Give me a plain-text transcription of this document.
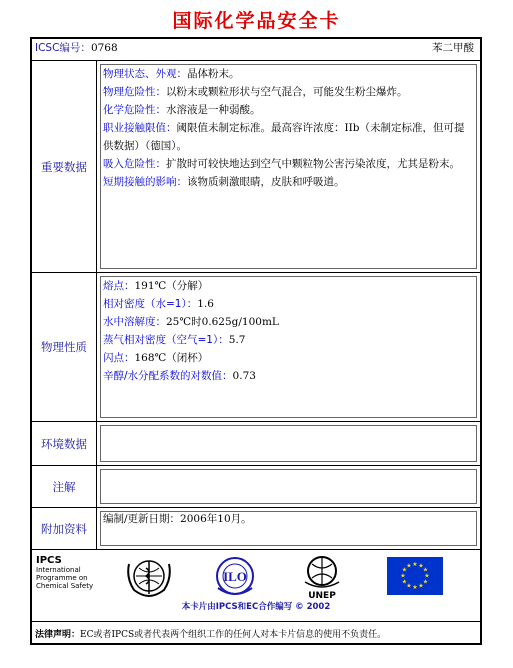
国际化学品安全卡
ICSC编号：0768	苯二甲酸
重要数据
物理状态、外观：晶体粉末。
物理危险性：以粉末或颗粒形状与空气混合，可能发生粉尘爆炸。
化学危险性：水溶液是一种弱酸。
职业接触限值：阈限值未制定标准。最高容许浓度：IIb（未制定标准，但可提供数据）（德国）。
吸入危险性：扩散时可较快地达到空气中颗粒物公害污染浓度，尤其是粉末。
短期接触的影响：该物质刺激眼睛，皮肤和呼吸道。
物理性质
熔点：191℃（分解）
相对密度（水=1）：1.6
水中溶解度：25℃时0.625g/100mL
蒸气相对密度（空气=1）：5.7
闪点：168℃（闭杯）
辛醇/水分配系数的对数值：0.73
环境数据
注解
附加资料
编制/更新日期：2006年10月。
IPCS
International
Programme on
Chemical Safety
ILO
UNEP
★ ★
★
★
★
★
★
★
★
★
★
★
本卡片由IPCS和EC合作编写 © 2002
法律声明：EC或者IPCS或者代表两个组织工作的任何人对本卡片信息的使用不负责任。
